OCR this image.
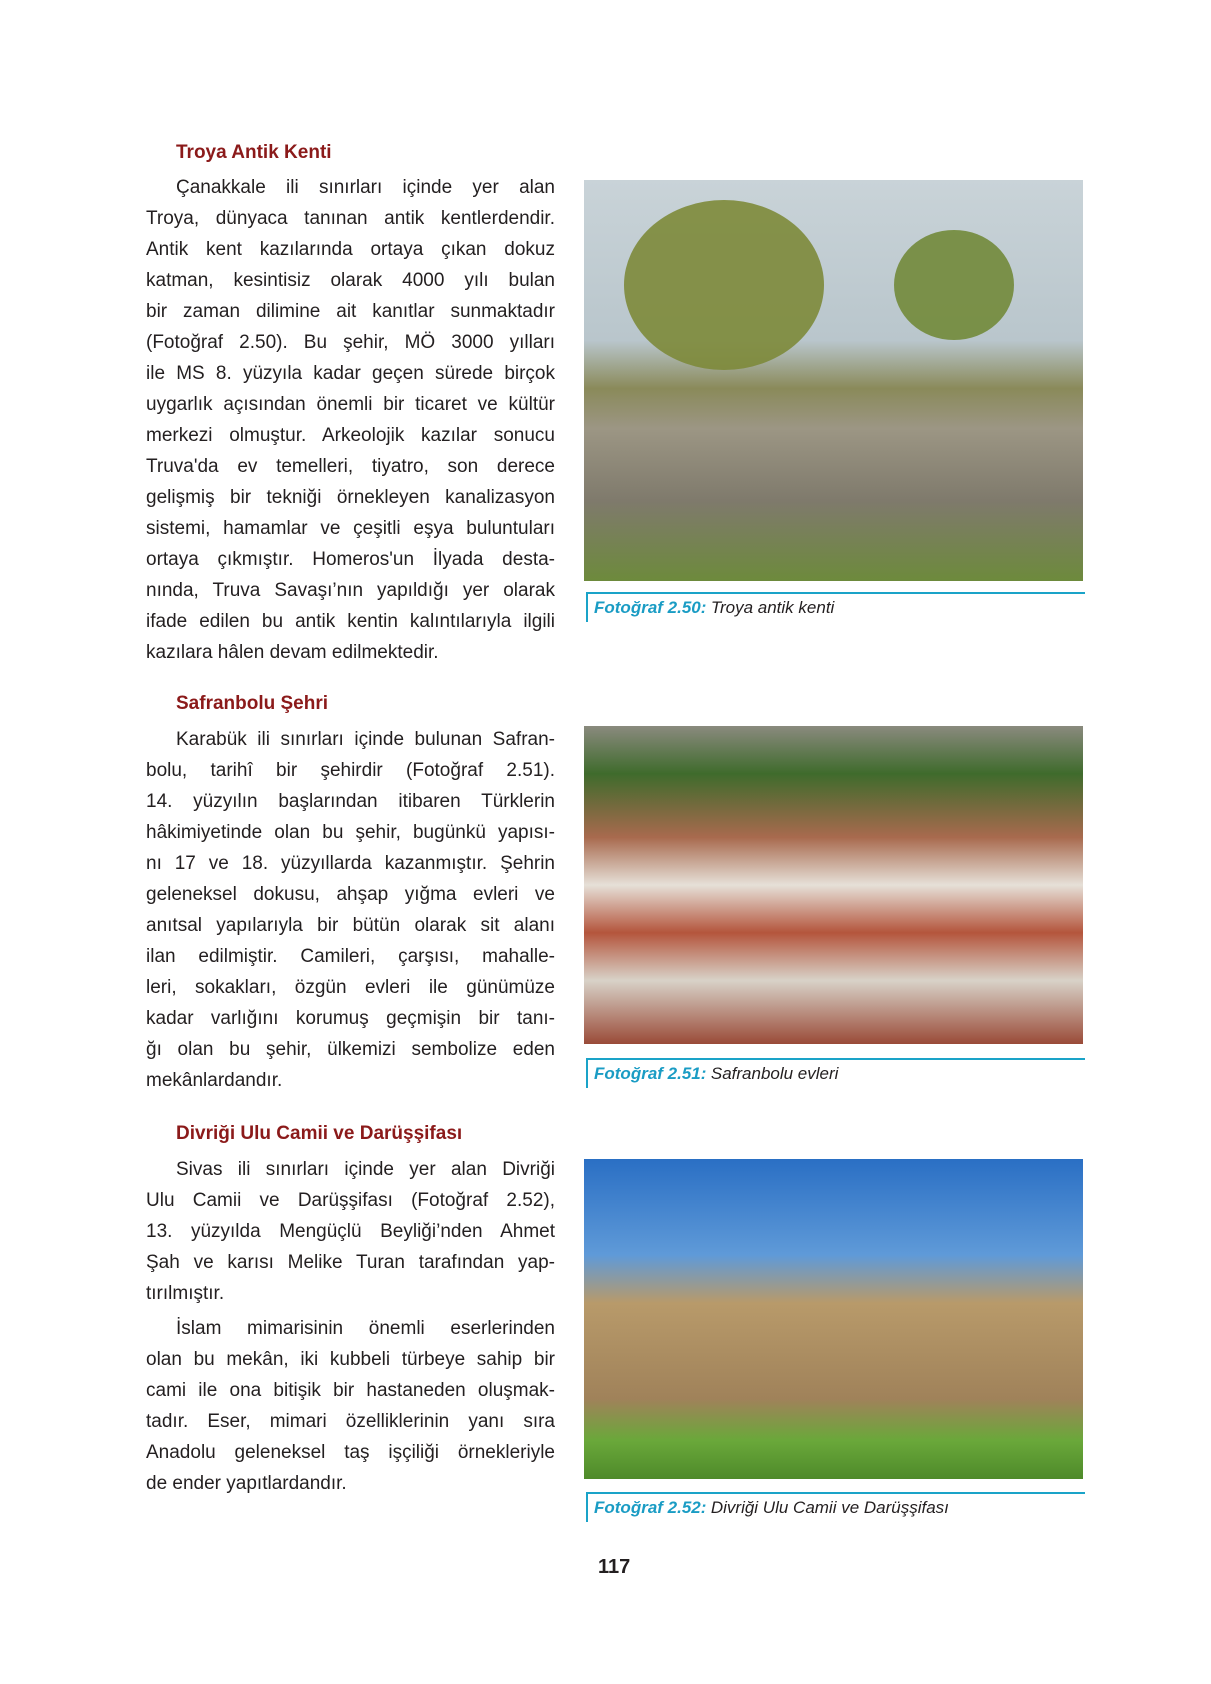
Troya Antik Kenti
Çanakkale ili sınırları içinde yer alan
Troya, dünyaca tanınan antik kentlerdendir.
Antik kent kazılarında ortaya çıkan dokuz
katman, kesintisiz olarak 4000 yılı bulan
bir zaman dilimine ait kanıtlar sunmaktadır
(Fotoğraf 2.50). Bu şehir, MÖ 3000 yılları
ile MS 8. yüzyıla kadar geçen sürede birçok
uygarlık açısından önemli bir ticaret ve kültür
merkezi olmuştur. Arkeolojik kazılar sonucu
Truva'da ev temelleri, tiyatro, son derece
gelişmiş bir tekniği örnekleyen kanalizasyon
sistemi, hamamlar ve çeşitli eşya buluntuları
ortaya çıkmıştır. Homeros'un İlyada desta-
nında, Truva Savaşı’nın yapıldığı yer olarak
ifade edilen bu antik kentin kalıntılarıyla ilgili
kazılara hâlen devam edilmektedir.
Fotoğraf 2.50: Troya antik kenti
Safranbolu Şehri
Karabük ili sınırları içinde bulunan Safran-
bolu, tarihî bir şehirdir (Fotoğraf 2.51).
14. yüzyılın başlarından itibaren Türklerin
hâkimiyetinde olan bu şehir, bugünkü yapısı-
nı 17 ve 18. yüzyıllarda kazanmıştır. Şehrin
geleneksel dokusu, ahşap yığma evleri ve
anıtsal yapılarıyla bir bütün olarak sit alanı
ilan edilmiştir. Camileri, çarşısı, mahalle-
leri, sokakları, özgün evleri ile günümüze
kadar varlığını korumuş geçmişin bir tanı-
ğı olan bu şehir, ülkemizi sembolize eden
mekânlardandır.	Fotoğraf 2.51: Safranbolu evleri
Divriği Ulu Camii ve Darüşşifası
Sivas ili sınırları içinde yer alan Divriği
Ulu Camii ve Darüşşifası (Fotoğraf 2.52),
13. yüzyılda Mengüçlü Beyliği’nden Ahmet
Şah ve karısı Melike Turan tarafından yap-
tırılmıştır.
İslam mimarisinin önemli eserlerinden
olan bu mekân, iki kubbeli türbeye sahip bir
cami ile ona bitişik bir hastaneden oluşmak-
tadır. Eser, mimari özelliklerinin yanı sıra
Anadolu geleneksel taş işçiliği örnekleriyle
de ender yapıtlardandır.
Fotoğraf 2.52: Divriği Ulu Camii ve Darüşşifası
117
